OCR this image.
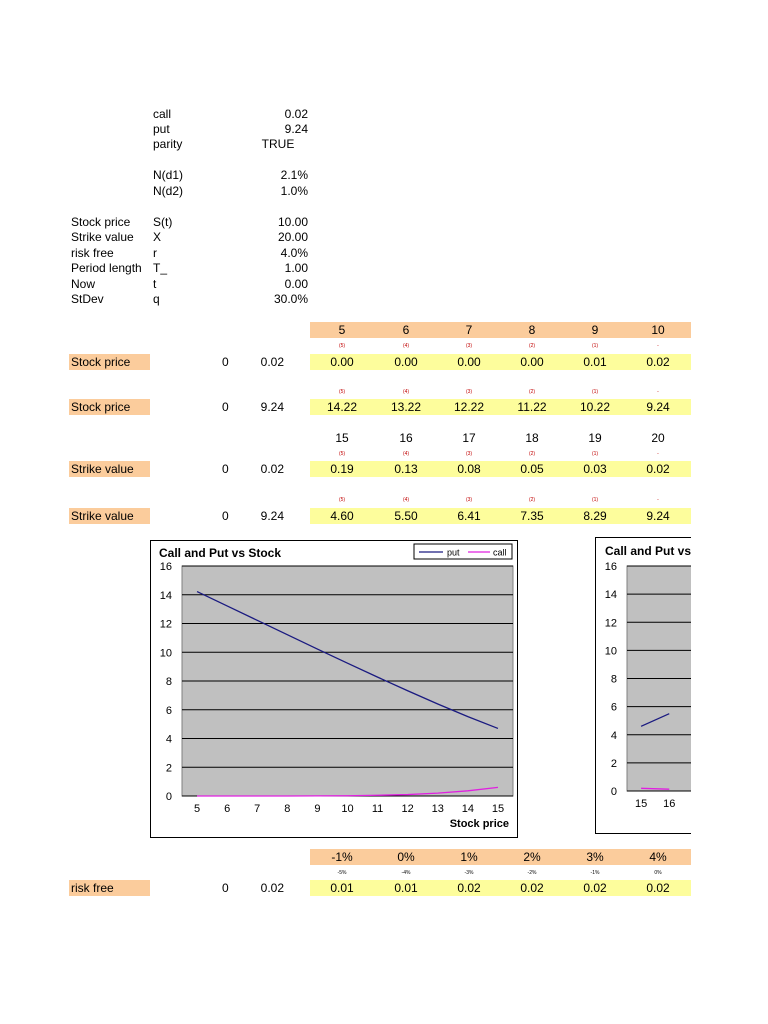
call	0.02
put	9.24
parity	TRUE
N(d1)	2.1%
N(d2)	1.0%
Stock price S(t)	10.00
Strike value X	20.00
risk free	r	4.0%
Period length T_	1.00
Now	t	0.00
StDev	q	30.0%
5	6	7	8	9	10
(5)	(4)	(3)	(2)	(1)	-
Stock price	0	0.02	0.00	0.00	0.00	0.00	0.01	0.02
(5)	(4)	(3)	(2)	(1)	-
Stock price	0	9.24	14.22	13.22	12.22	11.22	10.22	9.24
15	16	17	18	19	20
(5)	(4)	(3)	(2)	(1)	-
Strike value	0	0.02	0.19	0.13	0.08	0.05	0.03	0.02
(5)	(4)	(3)	(2)	(1)	-
Strike value	0	9.24	4.60	5.50	6.41	7.35	8.29	9.24
-1%	0%	1%	2%	3%	4%
-5%	-4%	-3%	-2%	-1%	0%
risk free	0	0.02	0.01	0.01	0.02	0.02	0.02	0.02
Call and Put vs Stock
0
2
4
6
8
10
12
14
16
5 6 7 8 9 10 11 12 13 14 15
Stock price
put	call	Call and Put vs
0
2
4
6
8
10
12
14
16
15 16
